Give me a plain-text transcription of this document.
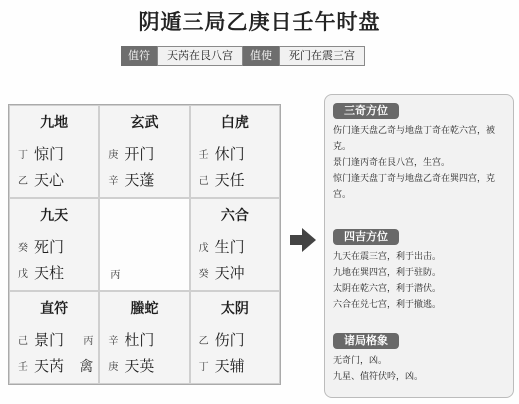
阴遁三局乙庚日壬午时盘
值符	天芮在艮八宫	值使	死门在震三宫
九地
丁 惊门
乙 天心
玄武
庚 开门
辛 天蓬
白虎
壬 休门
己 天任
九天
癸 死门
戊 天柱	丙
六合
戊 生门
癸 天冲
直符
己 景门
壬 天芮
丙
禽
螣蛇
辛 杜门
庚 天英
太阴
乙 伤门
丁 天辅
三奇方位

伤门逢天盘乙奇与地盘丁奇在乾六宫，被克。

景门逢丙奇在艮八宫，生宫。

惊门逢天盘丁奇与地盘乙奇在巽四宫，克宫。

四吉方位

九天在震三宫，利于出击。

九地在巽四宫，利于驻防。

太阴在乾六宫，利于潜伏。

六合在兑七宫，利于撤逃。

诸局格象

无奇门，凶。

九星、值符伏吟，凶。
